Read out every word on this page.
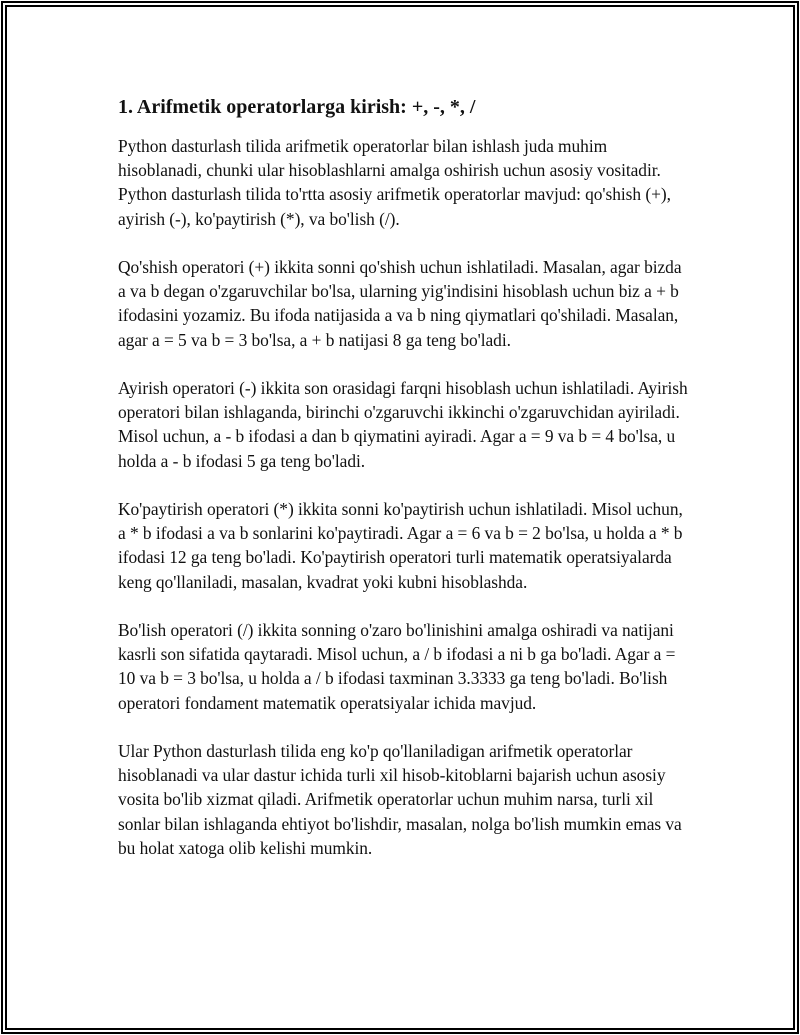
1. Arifmetik operatorlarga kirish: +, -, *, /

Python dasturlash tilida arifmetik operatorlar bilan ishlash juda muhim hisoblanadi, chunki ular hisoblashlarni amalga oshirish uchun asosiy vositadir. Python dasturlash tilida to'rtta asosiy arifmetik operatorlar mavjud: qo'shish (+), ayirish (-), ko'paytirish (*), va bo'lish (/).

Qo'shish operatori (+) ikkita sonni qo'shish uchun ishlatiladi. Masalan, agar bizda a va b degan o'zgaruvchilar bo'lsa, ularning yig'indisini hisoblash uchun biz a + b ifodasini yozamiz. Bu ifoda natijasida a va b ning qiymatlari qo'shiladi. Masalan, agar a = 5 va b = 3 bo'lsa, a + b natijasi 8 ga teng bo'ladi.

Ayirish operatori (-) ikkita son orasidagi farqni hisoblash uchun ishlatiladi. Ayirish operatori bilan ishlaganda, birinchi o'zgaruvchi ikkinchi o'zgaruvchidan ayiriladi. Misol uchun, a - b ifodasi a dan b qiymatini ayiradi. Agar a = 9 va b = 4 bo'lsa, u holda a - b ifodasi 5 ga teng bo'ladi.

Ko'paytirish operatori (*) ikkita sonni ko'paytirish uchun ishlatiladi. Misol uchun, a * b ifodasi a va b sonlarini ko'paytiradi. Agar a = 6 va b = 2 bo'lsa, u holda a * b ifodasi 12 ga teng bo'ladi. Ko'paytirish operatori turli matematik operatsiyalarda keng qo'llaniladi, masalan, kvadrat yoki kubni hisoblashda.

Bo'lish operatori (/) ikkita sonning o'zaro bo'linishini amalga oshiradi va natijani kasrli son sifatida qaytaradi. Misol uchun, a / b ifodasi a ni b ga bo'ladi. Agar a = 10 va b = 3 bo'lsa, u holda a / b ifodasi taxminan 3.3333 ga teng bo'ladi. Bo'lish operatori fondament matematik operatsiyalar ichida mavjud.

Ular Python dasturlash tilida eng ko'p qo'llaniladigan arifmetik operatorlar hisoblanadi va ular dastur ichida turli xil hisob-kitoblarni bajarish uchun asosiy vosita bo'lib xizmat qiladi. Arifmetik operatorlar uchun muhim narsa, turli xil sonlar bilan ishlaganda ehtiyot bo'lishdir, masalan, nolga bo'lish mumkin emas va bu holat xatoga olib kelishi mumkin.
